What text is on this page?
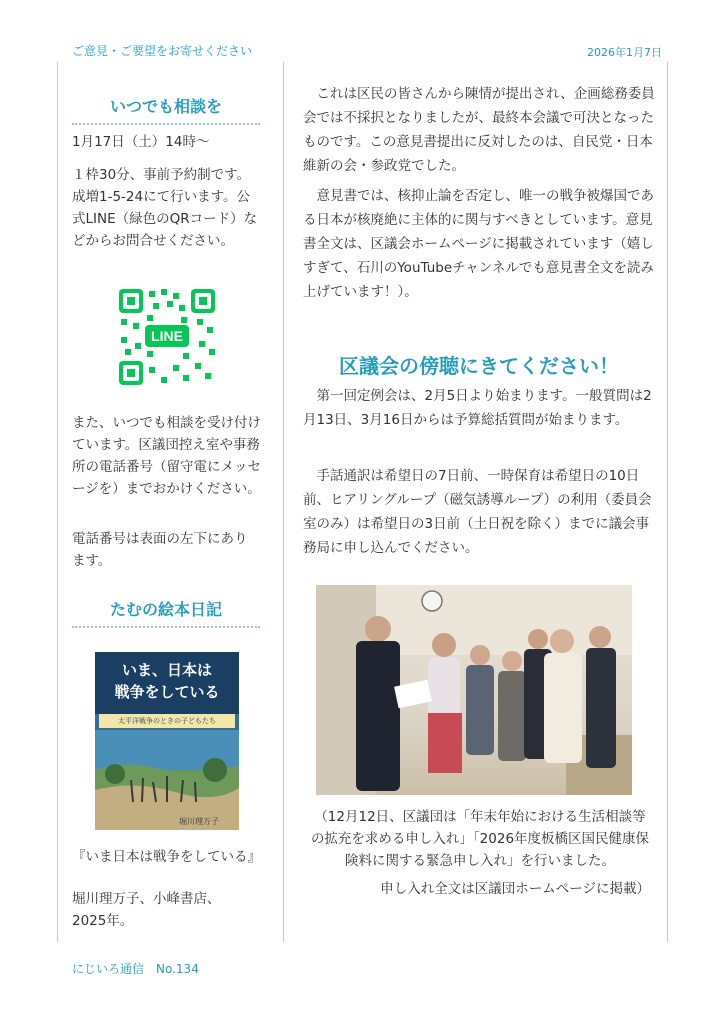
ご意見・ご要望をお寄せください	2026年1月7日
いつでも相談を
1月17日（土）14時〜
１枠30分、事前予約制です。成増1-5-24にて行います。公式LINE（緑色のQRコード）などからお問合せください。
LINE
また、いつでも相談を受け付けています。区議団控え室や事務所の電話番号（留守電にメッセージを）までおかけください。
電話番号は表面の左下にあります。
たむの絵本日記
いま、日本は
戦争をしている
太平洋戦争のときの子どもたち
堀川理万子
『いま日本は戦争をしている』
堀川理万子、小峰書店、2025年。
これは区民の皆さんから陳情が提出され、企画総務委員会では不採択となりましたが、最終本会議で可決となったものです。この意見書提出に反対したのは、自民党・日本維新の会・参政党でした。
意見書では、核抑止論を否定し、唯一の戦争被爆国である日本が核廃絶に主体的に関与すべきとしています。意見書全文は、区議会ホームページに掲載されています（嬉しすぎて、石川のYouTubeチャンネルでも意見書全文を読み上げています！）。
区議会の傍聴にきてください！
第一回定例会は、2月5日より始まります。一般質問は2月13日、3月16日からは予算総括質問が始まります。
手話通訳は希望日の7日前、一時保育は希望日の10日前、ヒアリングループ（磁気誘導ループ）の利用（委員会室のみ）は希望日の3日前（土日祝を除く）までに議会事務局に申し込んでください。
（12月12日、区議団は「年末年始における生活相談等の拡充を求める申し入れ」「2026年度板橋区国民健康保険料に関する緊急申し入れ」を行いました。
申し入れ全文は区議団ホームページに掲載）
にじいろ通信　No.134
